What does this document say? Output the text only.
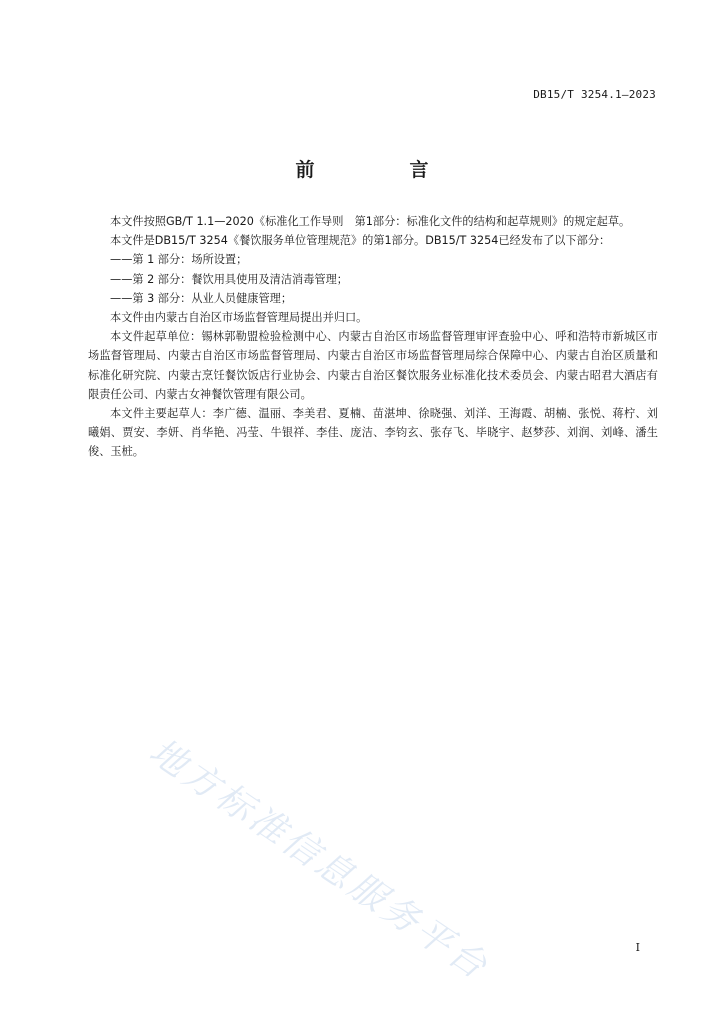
DB15/T 3254.1—2023
前　言

本文件按照GB/T 1.1—2020《标准化工作导则　第1部分：标准化文件的结构和起草规则》的规定起草。

本文件是DB15/T 3254《餐饮服务单位管理规范》的第1部分。DB15/T 3254已经发布了以下部分：

——第 1 部分：场所设置；

——第 2 部分：餐饮用具使用及清洁消毒管理；

——第 3 部分：从业人员健康管理；

本文件由内蒙古自治区市场监督管理局提出并归口。

本文件起草单位：锡林郭勒盟检验检测中心、内蒙古自治区市场监督管理审评查验中心、呼和浩特市新城区市场监督管理局、内蒙古自治区市场监督管理局、内蒙古自治区市场监督管理局综合保障中心、内蒙古自治区质量和标准化研究院、内蒙古烹饪餐饮饭店行业协会、内蒙古自治区餐饮服务业标准化技术委员会、内蒙古昭君大酒店有限责任公司、内蒙古女神餐饮管理有限公司。

本文件主要起草人：李广德、温丽、李美君、夏楠、苗湛坤、徐晓强、刘洋、王海霞、胡楠、张悦、蒋柠、刘曦娟、贾安、李妍、肖华艳、冯莹、牛银祥、李佳、庞洁、李钧玄、张存飞、毕晓宇、赵梦莎、刘润、刘峰、潘生俊、玉桩。

地方标准信息服务平台	I
